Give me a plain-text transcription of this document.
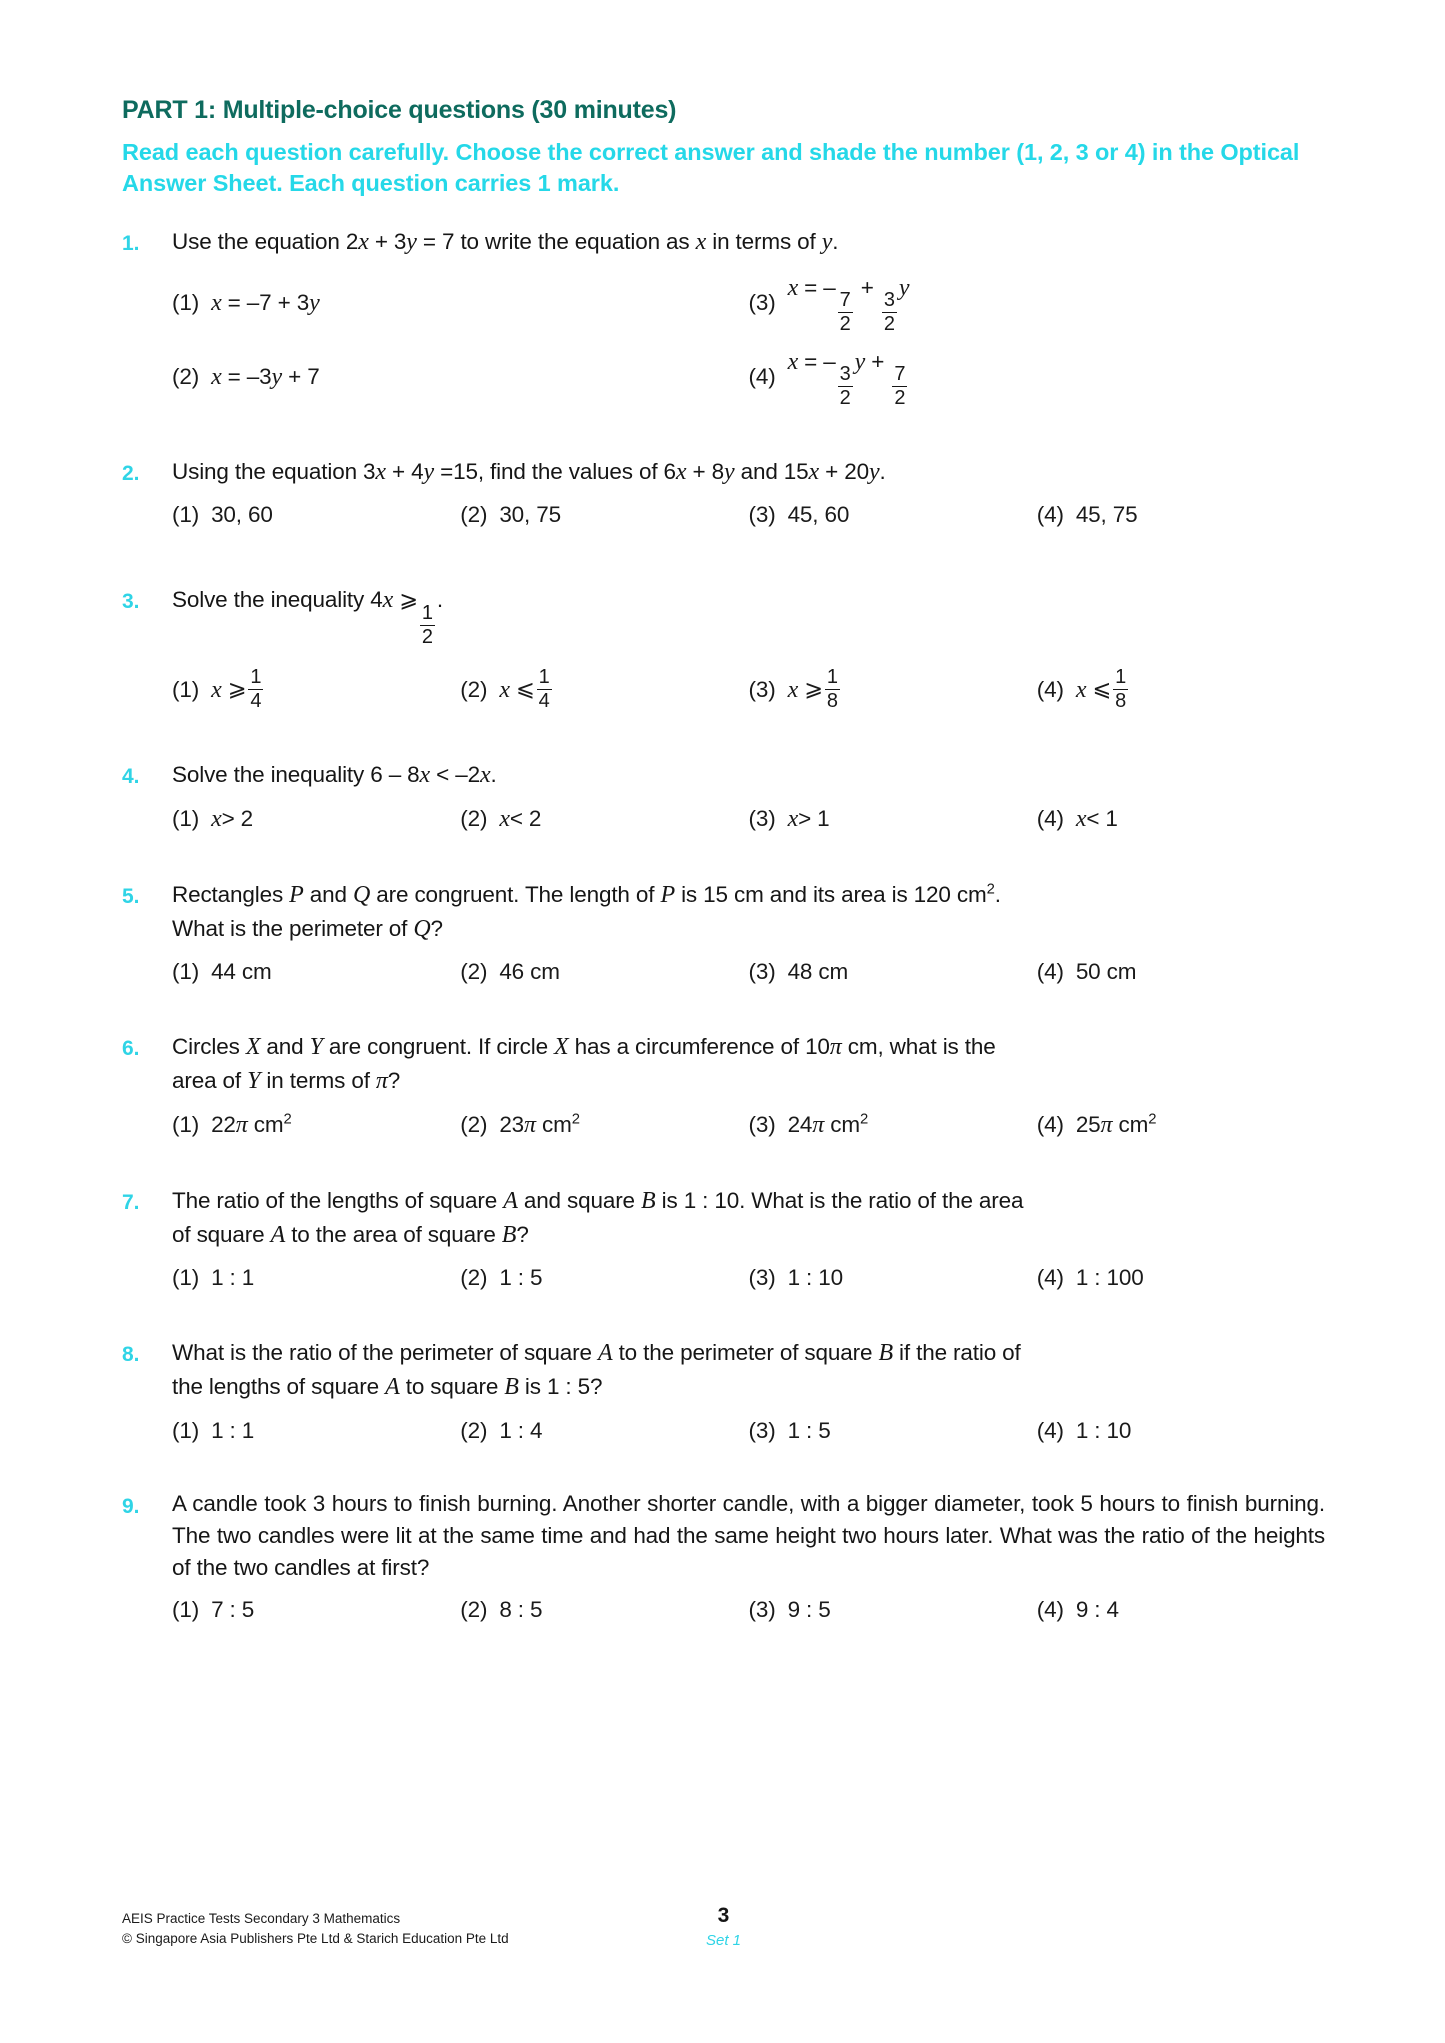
PART 1: Multiple-choice questions (30 minutes)

Read each question carefully. Choose the correct answer and shade the number (1, 2, 3 or 4) in the Optical Answer Sheet. Each question carries 1 mark.

1.	Use the equation 2x + 3y = 7 to write the equation as x in terms of y.
(1) x = –7 + 3y	(3)
x = –
$\frac{7}{2}$
+
$\frac{3}{2}$
y
(2) x = –3y + 7	(4)
x = –
$\frac{3}{2}$
y +
$\frac{7}{2}$
2.	Using the equation 3x + 4y =15, find the values of 6x + 8y and 15x + 20y.
(1) 30, 60	(2) 30, 75	(3) 45, 60	(4) 45, 75
3.	Solve the inequality 4x ⩾
$\frac{1}{2}$
.
(1) x
⩾ $\frac{1}{4}$	(2) x
⩽ $\frac{1}{4}$	(3) x
⩾ $\frac{1}{8}$	(4) x
⩽ $\frac{1}{8}$
4.	Solve the inequality 6 – 8x < –2x.
(1) x > 2	(2) x < 2	(3) x > 1	(4) x < 1
5.	Rectangles P and Q are congruent. The length of P is 15 cm and its area is 120 $cm^2$.
What is the perimeter of Q?
(1) 44 cm	(2) 46 cm	(3) 48 cm	(4) 50 cm
6.	Circles X and Y are congruent. If circle X has a circumference of 10π cm, what is the
area of Y in terms of π?
(1) 22π $cm^2$	(2) 23π $cm^2$	(3) 24π $cm^2$	(4) 25π $cm^2$
7.	The ratio of the lengths of square A and square B is 1 : 10. What is the ratio of the area
of square A to the area of square B?
(1) 1 : 1	(2) 1 : 5	(3) 1 : 10	(4) 1 : 100
8.	What is the ratio of the perimeter of square A to the perimeter of square B if the ratio of
the lengths of square A to square B is 1 : 5?
(1) 1 : 1	(2) 1 : 4	(3) 1 : 5	(4) 1 : 10
9.	A candle took 3 hours to finish burning. Another shorter candle, with a bigger diameter, took 5 hours to finish burning. The two candles were lit at the same time and had the same height two hours later. What was the ratio of the heights of the two candles at first?
(1) 7 : 5	(2) 8 : 5	(3) 9 : 5	(4) 9 : 4
AEIS Practice Tests Secondary 3 Mathematics
© Singapore Asia Publishers Pte Ltd & Starich Education Pte Ltd
3
Set 1
